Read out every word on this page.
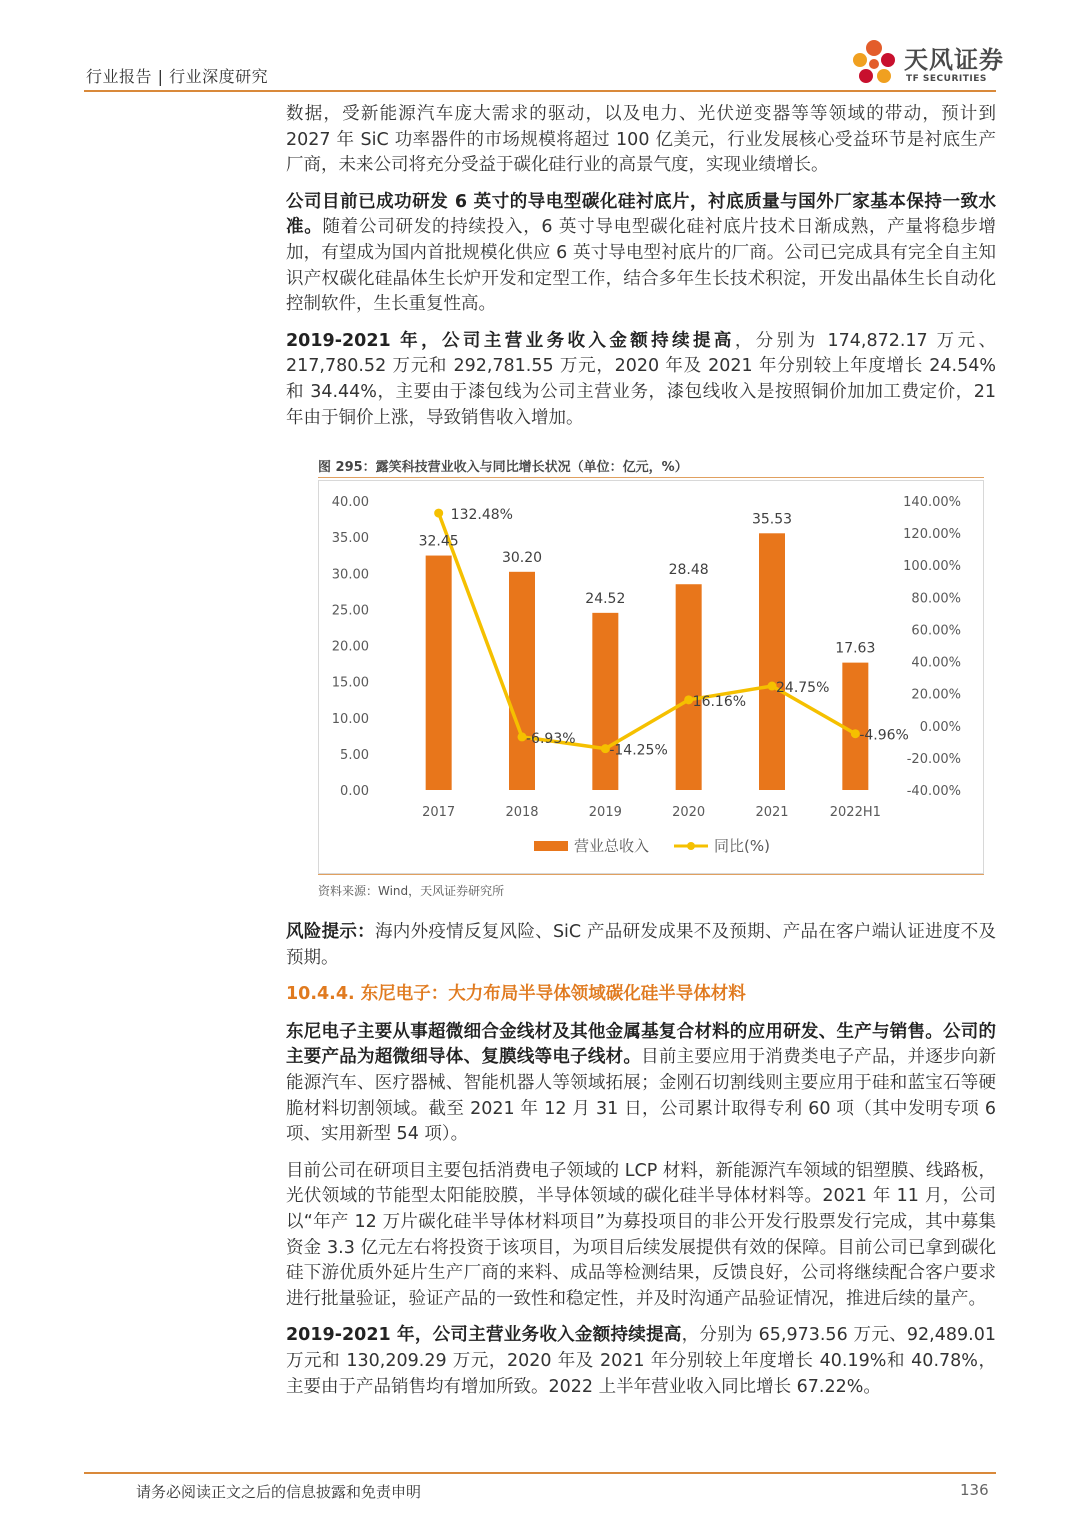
行业报告 | 行业深度研究
天风证券
TF SECURITIES

数据，受新能源汽车庞大需求的驱动，以及电力、光伏逆变器等等领域的带动，预计到 2027 年 SiC 功率器件的市场规模将超过 100 亿美元，行业发展核心受益环节是衬底生产厂商，未来公司将充分受益于碳化硅行业的高景气度，实现业绩增长。

公司目前已成功研发 6 英寸的导电型碳化硅衬底片，衬底质量与国外厂家基本保持一致水准。随着公司研发的持续投入，6 英寸导电型碳化硅衬底片技术日渐成熟，产量将稳步增加，有望成为国内首批规模化供应 6 英寸导电型衬底片的厂商。公司已完成具有完全自主知识产权碳化硅晶体生长炉开发和定型工作，结合多年生长技术积淀，开发出晶体生长自动化控制软件，生长重复性高。

2019-2021 年，公司主营业务收入金额持续提高，分别为 174,872.17 万元、217,780.52 万元和 292,781.55 万元，2020 年及 2021 年分别较上年度增长 24.54%和 34.44%，主要由于漆包线为公司主营业务，漆包线收入是按照铜价加加工费定价，21 年由于铜价上涨，导致销售收入增加。

图 295：露笑科技营业收入与同比增长状况（单位：亿元，%）
40.00
35.00
30.00
25.00
20.00
15.00
10.00
5.00
0.00
140.00%
120.00%
100.00%
80.00%
60.00%
40.00%
20.00%
0.00%
-20.00%
-40.00%
2017	2018	2019	2020	2021	2022H1
32.45
30.20
24.52
28.48
35.53
17.63
132.48%
-6.93%
-14.25%
16.16%
24.75%
-4.96%
营业总收入	同比(%)
资料来源：Wind，天风证券研究所

风险提示：海内外疫情反复风险、SiC 产品研发成果不及预期、产品在客户端认证进度不及预期。

10.4.4. 东尼电子：大力布局半导体领域碳化硅半导体材料

东尼电子主要从事超微细合金线材及其他金属基复合材料的应用研发、生产与销售。公司的主要产品为超微细导体、复膜线等电子线材。目前主要应用于消费类电子产品，并逐步向新能源汽车、医疗器械、智能机器人等领域拓展；金刚石切割线则主要应用于硅和蓝宝石等硬脆材料切割领域。截至 2021 年 12 月 31 日，公司累计取得专利 60 项（其中发明专项 6 项、实用新型 54 项）。

目前公司在研项目主要包括消费电子领域的 LCP 材料，新能源汽车领域的铝塑膜、线路板，光伏领域的节能型太阳能胶膜，半导体领域的碳化硅半导体材料等。2021 年 11 月，公司以“年产 12 万片碳化硅半导体材料项目”为募投项目的非公开发行股票发行完成，其中募集资金 3.3 亿元左右将投资于该项目，为项目后续发展提供有效的保障。目前公司已拿到碳化硅下游优质外延片生产厂商的来料、成品等检测结果，反馈良好，公司将继续配合客户要求进行批量验证，验证产品的一致性和稳定性，并及时沟通产品验证情况，推进后续的量产。

2019-2021 年，公司主营业务收入金额持续提高，分别为 65,973.56 万元、92,489.01 万元和 130,209.29 万元，2020 年及 2021 年分别较上年度增长 40.19%和 40.78%，主要由于产品销售均有增加所致。2022 上半年营业收入同比增长 67.22%。

请务必阅读正文之后的信息披露和免责申明	136
